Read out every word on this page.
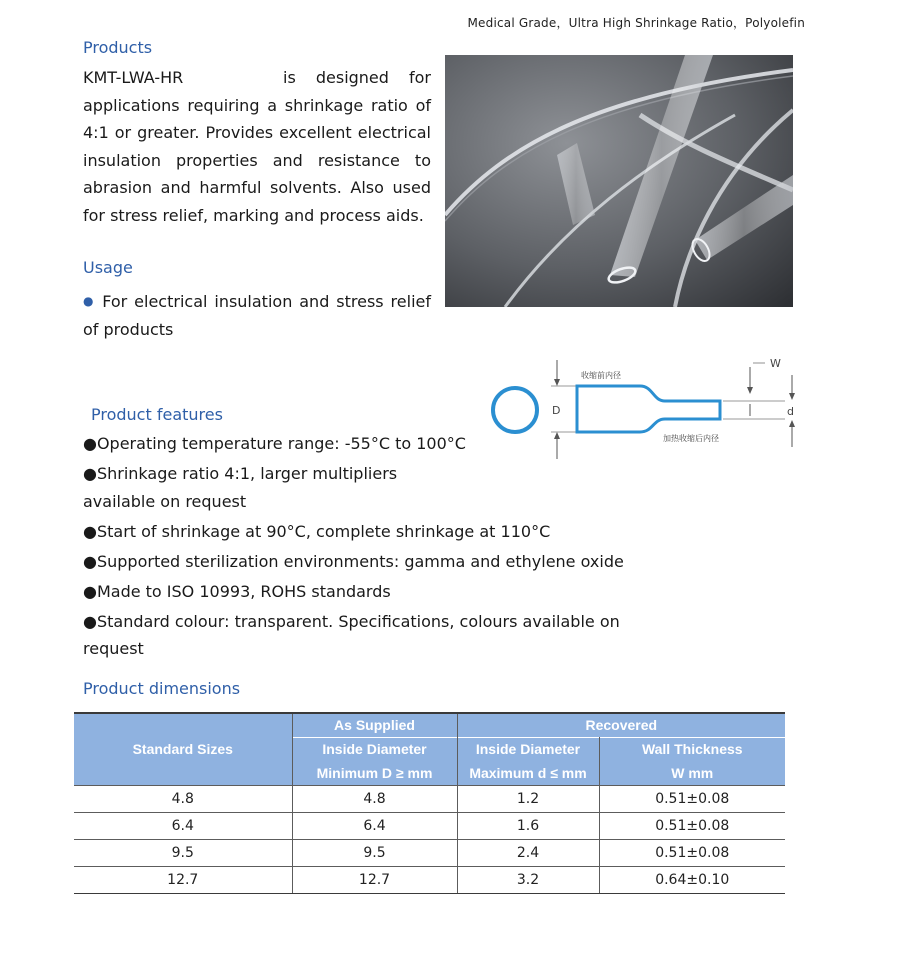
Medical Grade，Ultra High Shrinkage Ratio，Polyolefin
Products
KMT-LWA-HR	is designed for applications requiring a shrinkage ratio of 4:1 or greater. Provides excellent electrical insulation properties and resistance to abrasion and harmful solvents. Also used for stress relief, marking and process aids.
Usage
● For electrical insulation and stress relief of products
D
收缩前内径
加热收缩后内径
W
d
Product features
●Operating temperature range: -55°C to 100°C
●Shrinkage ratio 4:1, larger multipliers available on request
●Start of shrinkage at 90°C, complete shrinkage at 110°C
●Supported sterilization environments: gamma and ethylene oxide
●Made to ISO 10993, ROHS standards
●Standard colour: transparent. Specifications, colours available on request
Product dimensions
Standard Sizes	As Supplied	Recovered	
	Inside Diameter	Inside Diameter	Wall Thickness
	Minimum D ≥ mm	Maximum d ≤ mm	W mm
4.8	4.8	1.2	0.51±0.08
6.4	6.4	1.6	0.51±0.08
9.5	9.5	2.4	0.51±0.08
12.7	12.7	3.2	0.64±0.10
